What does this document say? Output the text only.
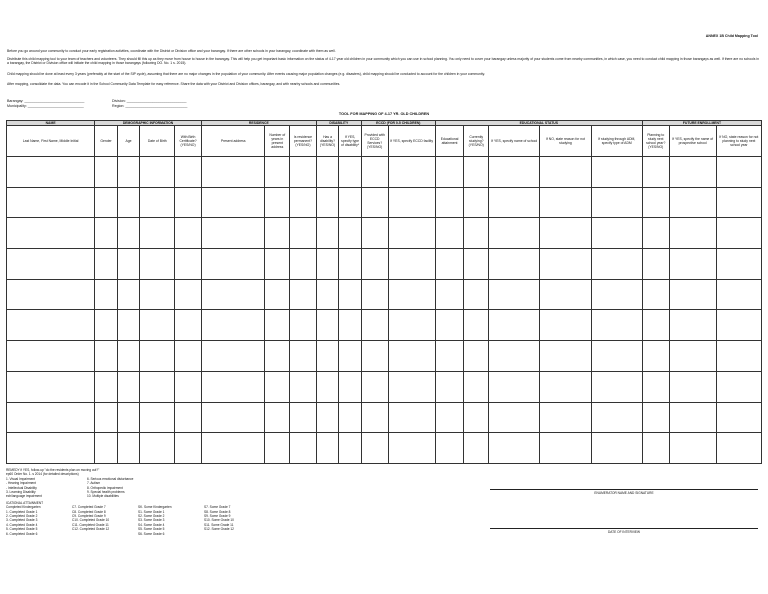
ANNEX 1B Child Mapping Tool

Before you go around your community to conduct your early registration activities, coordinate with the District or Division office and your barangay. If there are other schools in your barangay, coordinate with them as well.

Distribute this child mapping tool to your team of teachers and volunteers. They should fill this up as they move from house to house in the barangay. This will help you get important basic information on the status of 4-17 year old children in your community which you can use in school planning. You only need to cover your barangay unless majority of your students come from nearby communities, in which case, you need to conduct child mapping in those barangays as well. If there are no schools in a barangay, the District or Division office will initiate the child mapping in those barangays (following DO. No. 1 s. 2015).

Child mapping should be done at least every 3 years (preferably at the start of the SIP cycle), assuming that there are no major changes in the population of your community. After events causing major population changes (e.g. disasters), child mapping should be conducted to account for the children in your community.

After mapping, consolidate the data. You can encode it in the School Community Data Template for easy reference. Share the data with your District and Division offices, barangay, and with nearby schools and communities.

Barangay: ______________________________	Division: ______________________________
Municipality: ____________________________	Region: _______________________________
TOOL FOR MAPPING OF 4-17 YR. OLD CHILDREN
NAME	DEMOGRAPHIC INFORMATION				RESIDENCE			DISABILITY		ECCD (FOR 0-5 CHILDREN)		EDUCATIONAL STATUS					FUTURE ENROLLMENT		
Last Name, First Name, Middle Initial	Gender	Age	Date of Birth	With Birth Certificate? (YES/NO)	Present address	Number of years in present address	Is residence permanent? (YES/NO)	Has a disability? (YES/NO)	If YES, specify type of disability*	Provided with ECCD Services? (YES/NO)	If YES, specify ECCD facility	Educational attainment	Currently studying? (YES/NO)	If YES, specify name of school	If NO, state reason for not studying	If studying through ADM, specify type of ADM	Planning to study next school year? (YES/NO)	If YES, specify the name of prospective school	If NO, state reason for not planning to study next school year

REMEDY if YES, follow-up "do the residents plan on moving out?"
ep60 Order No. 1. s 2014 (for detailed descriptions)
1. Visual Impairment
- Hearing Impairment
- Intellectual Disability
3. Learning Disability
ech/language impairment
6. Serious emotional disturbance
7. Autism
8. Orthopedic impairment
9. Special health problems
10. Multiple disabilities
ICATIONAL ATTAINMENT
Completed Kindergarten
1. Completed Grade 1
2. Completed Grade 2
3. Completed Grade 3
4. Completed Grade 4
5. Completed Grade 5
6. Completed Grade 6
C7. Completed Grade 7
C8. Completed Grade 8
C9. Completed Grade 9
C10. Completed Grade 10
C11. Completed Grade 11
C12. Completed Grade 12
SK. Some Kindergarten
S1. Some Grade 1
S2. Some Grade 2
S3. Some Grade 3
S4. Some Grade 4
S5. Some Grade 5
S6. Some Grade 6
S7. Some Grade 7
S8. Some Grade 8
S9. Some Grade 9
S10. Some Grade 10
S11. Some Grade 11
S12. Some Grade 12
ENUMERATOR NAME AND SIGNATURE
DATE OF INTERVIEW
